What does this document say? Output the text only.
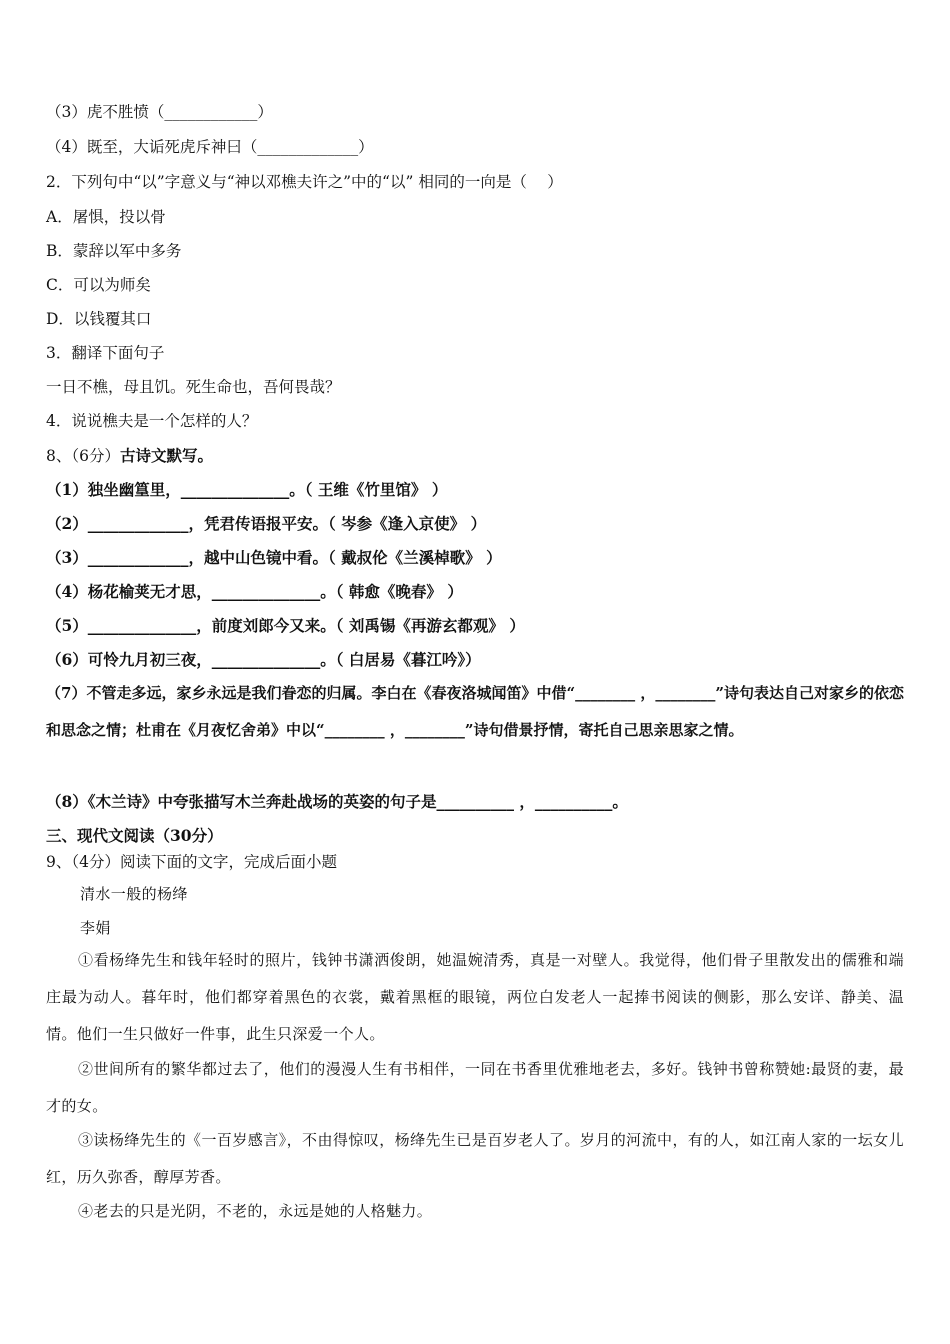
（3）虎不胜愤（____________）
（4）既至，大诟死虎斥神曰（_____________）
2．下列句中“以”字意义与“神以邓樵夫许之”中的“以” 相同的一向是（　 ）
A．屠惧，投以骨
B．蒙辞以军中多务
C．可以为师矣
D．以钱覆其口
3．翻译下面句子
一日不樵，母且饥。死生命也，吾何畏哉？
4．说说樵夫是一个怎样的人？
8、（6分）古诗文默写。
（1）独坐幽篁里，______________。（ 王维《竹里馆》 ）
（2）_____________，凭君传语报平安。（ 岑参《逢入京使》 ）
（3）_____________，越中山色镜中看。（ 戴叔伦《兰溪棹歌》 ）
（4）杨花榆荚无才思，______________。（ 韩愈《晚春》 ）
（5）______________，前度刘郎今又来。（ 刘禹锡《再游玄都观》 ）
（6）可怜九月初三夜，______________。（ 白居易《暮江吟》）
（7）不管走多远，家乡永远是我们眷恋的归属。李白在《春夜洛城闻笛》中借“________ ，________”诗句表达自己对家乡的依恋和思念之情；杜甫在《月夜忆舍弟》中以“________ ，________”诗句借景抒情，寄托自己思亲思家之情。
（8）《木兰诗》中夸张描写木兰奔赴战场的英姿的句子是__________ ，__________。
三、现代文阅读（30分）
9、（4分）阅读下面的文字，完成后面小题
清水一般的杨绛
李娟
①看杨绛先生和钱年轻时的照片，钱钟书潇洒俊朗，她温婉清秀，真是一对壁人。我觉得，他们骨子里散发出的儒雅和端庄最为动人。暮年时，他们都穿着黑色的衣裳，戴着黑框的眼镜，两位白发老人一起捧书阅读的侧影，那么安详、静美、温情。他们一生只做好一件事，此生只深爱一个人。
②世间所有的繁华都过去了，他们的漫漫人生有书相伴，一同在书香里优雅地老去，多好。钱钟书曾称赞她:最贤的妻，最才的女。
③读杨绛先生的《一百岁感言》，不由得惊叹，杨绛先生已是百岁老人了。岁月的河流中，有的人，如江南人家的一坛女儿红，历久弥香，醇厚芳香。
④老去的只是光阴，不老的，永远是她的人格魅力。
